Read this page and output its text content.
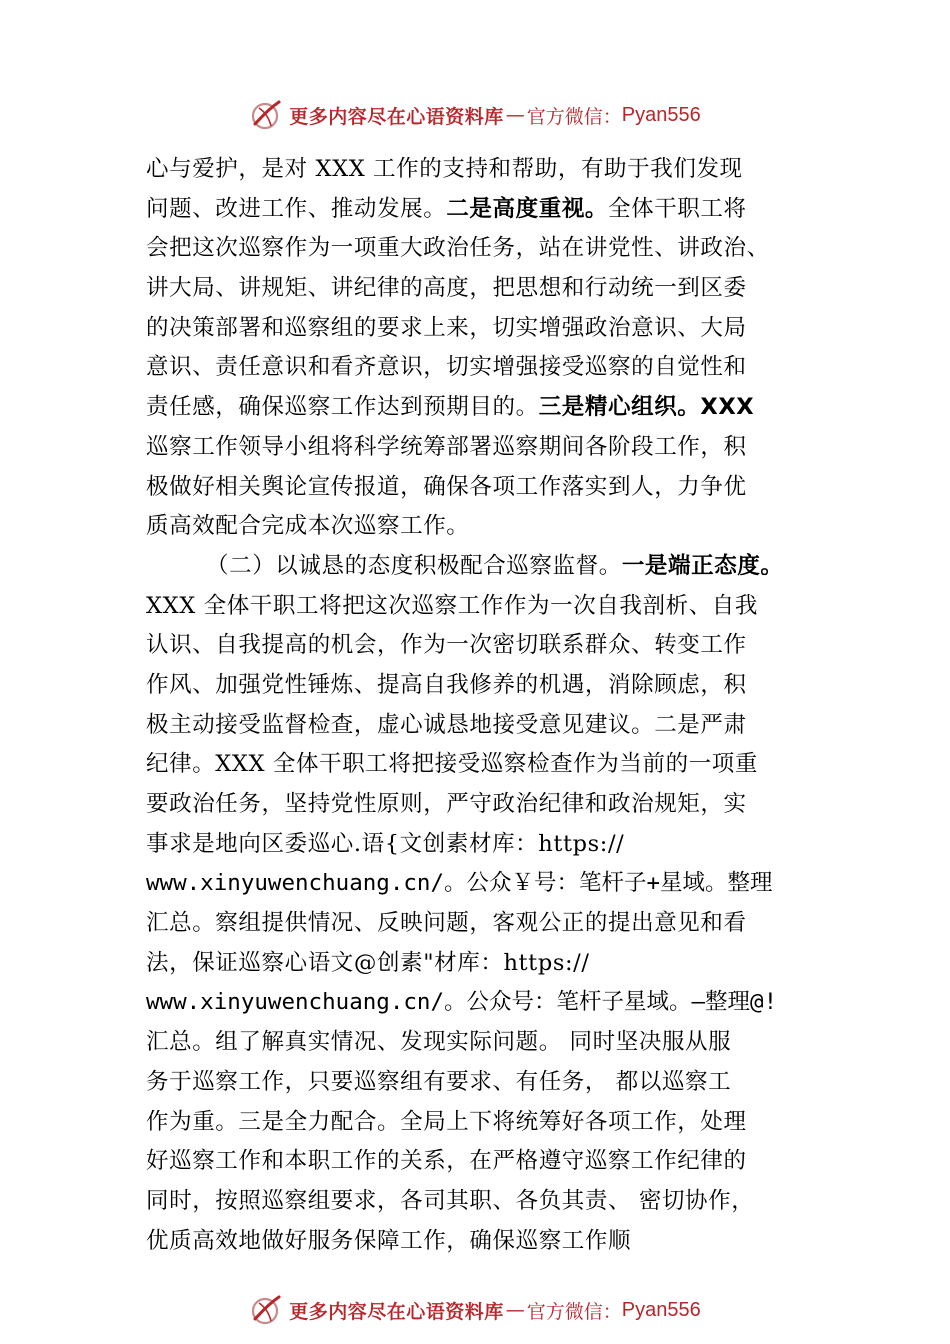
更多内容尽在心语资料库 — 官方微信： Pyan556
心与爱护，是对 XXX 工作的支持和帮助，有助于我们发现
问题、改进工作、推动发展。二是高度重视。全体干职工将
会把这次巡察作为一项重大政治任务，站在讲党性、讲政治、
讲大局、讲规矩、讲纪律的高度，把思想和行动统一到区委
的决策部署和巡察组的要求上来，切实增强政治意识、大局
意识、责任意识和看齐意识，切实增强接受巡察的自觉性和
责任感，确保巡察工作达到预期目的。三是精心组织。XXX
巡察工作领导小组将科学统筹部署巡察期间各阶段工作，积
极做好相关舆论宣传报道，确保各项工作落实到人，力争优
质高效配合完成本次巡察工作。
（二）以诚恳的态度积极配合巡察监督。一是端正态度。
XXX 全体干职工将把这次巡察工作作为一次自我剖析、自我
认识、自我提高的机会，作为一次密切联系群众、转变工作
作风、加强党性锤炼、提高自我修养的机遇，消除顾虑，积
极主动接受监督检查，虚心诚恳地接受意见建议。二是严肃
纪律。XXX 全体干职工将把接受巡察检查作为当前的一项重
要政治任务，坚持党性原则，严守政治纪律和政治规矩，实
事求是地向区委巡心.语{文创素材库：https://
www.xinyuwenchuang.cn/。公众￥号：笔杆子+星域。整理
汇总。察组提供情况、反映问题，客观公正的提出意见和看
法，保证巡察心语文@创素"材库：https://
www.xinyuwenchuang.cn/。公众号：笔杆子星域。—整理@!
汇总。组了解真实情况、发现实际问题。 同时坚决服从服
务于巡察工作，只要巡察组有要求、有任务， 都以巡察工
作为重。三是全力配合。全局上下将统筹好各项工作，处理
好巡察工作和本职工作的关系，在严格遵守巡察工作纪律的
同时，按照巡察组要求，各司其职、各负其责、 密切协作，
优质高效地做好服务保障工作，确保巡察工作顺
更多内容尽在心语资料库 — 官方微信： Pyan556
